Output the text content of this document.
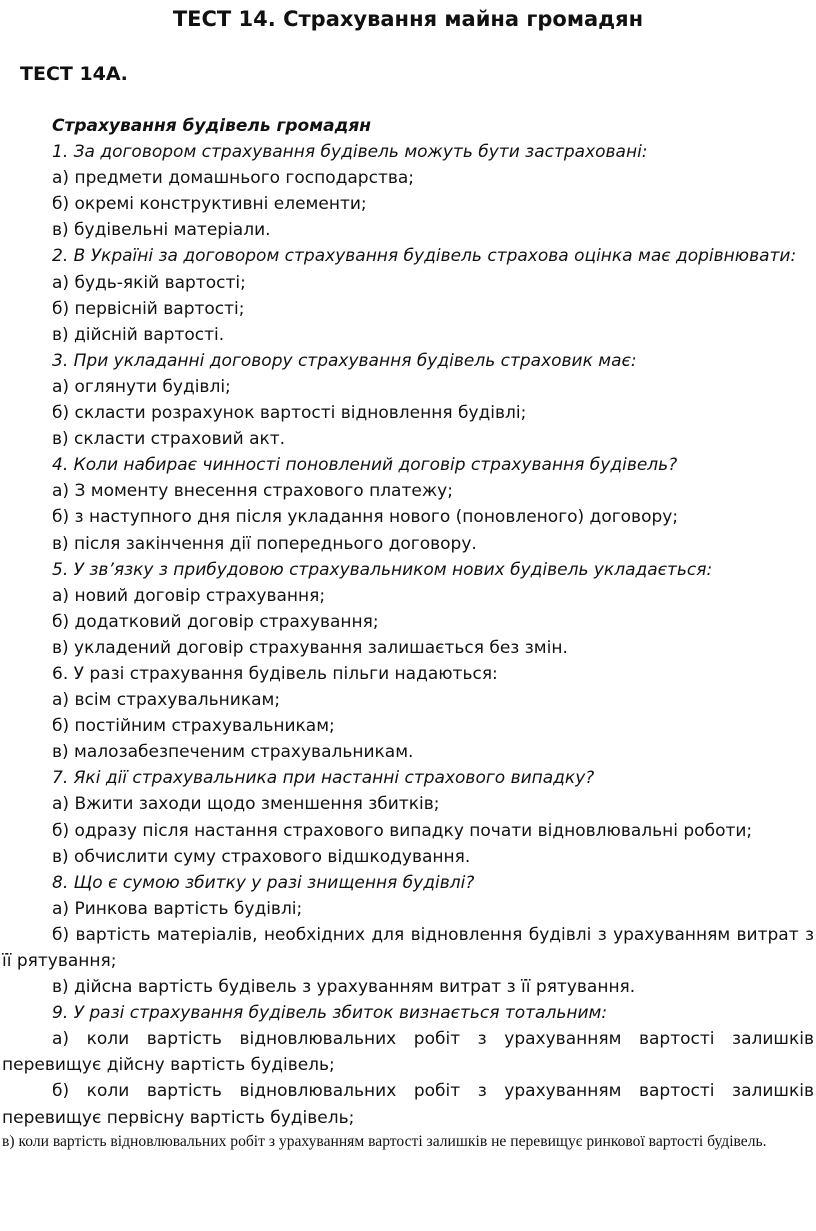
ТЕСТ 14. Страхування майна громадян
ТЕСТ 14А.

Страхування будівель громадян

1. За договором страхування будівель можуть бути застраховані:

а) предмети домашнього господарства;

б) окремі конструктивні елементи;

в) будівельні матеріали.

2. В Україні за договором страхування будівель страхова оцінка має дорівнювати:

а) будь-якій вартості;

б) первісній вартості;

в) дійсній вартості.

3. При укладанні договору страхування будівель страховик має:

а) оглянути будівлі;

б) скласти розрахунок вартості відновлення будівлі;

в) скласти страховий акт.

4. Коли набирає чинності поновлений договір страхування будівель?

а) З моменту внесення страхового платежу;

б) з наступного дня після укладання нового (поновленого) договору;

в) після закінчення дії попереднього договору.

5. У зв’язку з прибудовою страхувальником нових будівель укладається:

а) новий договір страхування;

б) додатковий договір страхування;

в) укладений договір страхування залишається без змін.

6. У разі страхування будівель пільги надаються:

а) всім страхувальникам;

б) постійним страхувальникам;

в) малозабезпеченим страхувальникам.

7. Які дії страхувальника при настанні страхового випадку?

а) Вжити заходи щодо зменшення збитків;

б) одразу після настання страхового випадку почати відновлювальні роботи;

в) обчислити суму страхового відшкодування.

8. Що є сумою збитку у разі знищення будівлі?

а) Ринкова вартість будівлі;

б) вартість матеріалів, необхідних для відновлення будівлі з урахуванням витрат з її рятування;

в) дійсна вартість будівель з урахуванням витрат з її рятування.

9. У разі страхування будівель збиток визнається тотальним:

а) коли вартість відновлювальних робіт з урахуванням вартості залишків перевищує дійсну вартість будівель;

б) коли вартість відновлювальних робіт з урахуванням вартості залишків перевищує первісну вартість будівель;

в) коли вартість відновлювальних робіт з урахуванням вартості залишків не перевищує ринкової вартості будівель.
